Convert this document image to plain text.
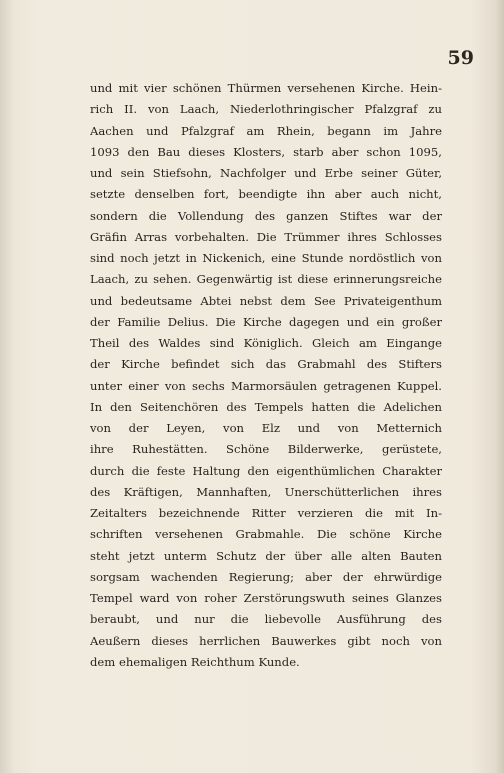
59
und mit vier schönen Thürmen versehenen Kirche. Hein-
rich II. von Laach, Niederlothringischer Pfalzgraf zu
Aachen und Pfalzgraf am Rhein, begann im Jahre
1093 den Bau dieses Klosters, starb aber schon 1095,
und sein Stiefsohn, Nachfolger und Erbe seiner Güter,
setzte denselben fort, beendigte ihn aber auch nicht,
sondern die Vollendung des ganzen Stiftes war der
Gräfin Arras vorbehalten. Die Trümmer ihres Schlosses
sind noch jetzt in Nickenich, eine Stunde nordöstlich von
Laach, zu sehen. Gegenwärtig ist diese erinnerungsreiche
und bedeutsame Abtei nebst dem See Privateigenthum
der Familie Delius. Die Kirche dagegen und ein großer
Theil des Waldes sind Königlich. Gleich am Eingange
der Kirche befindet sich das Grabmahl des Stifters
unter einer von sechs Marmorsäulen getragenen Kuppel.
In den Seitenchören des Tempels hatten die Adelichen
von der Leyen, von Elz und von Metternich
ihre Ruhestätten. Schöne Bilderwerke, gerüstete,
durch die feste Haltung den eigenthümlichen Charakter
des Kräftigen, Mannhaften, Unerschütterlichen ihres
Zeitalters bezeichnende Ritter verzieren die mit In-
schriften versehenen Grabmahle. Die schöne Kirche
steht jetzt unterm Schutz der über alle alten Bauten
sorgsam wachenden Regierung; aber der ehrwürdige
Tempel ward von roher Zerstörungswuth seines Glanzes
beraubt, und nur die liebevolle Ausführung des
Aeußern dieses herrlichen Bauwerkes gibt noch von
dem ehemaligen Reichthum Kunde.
